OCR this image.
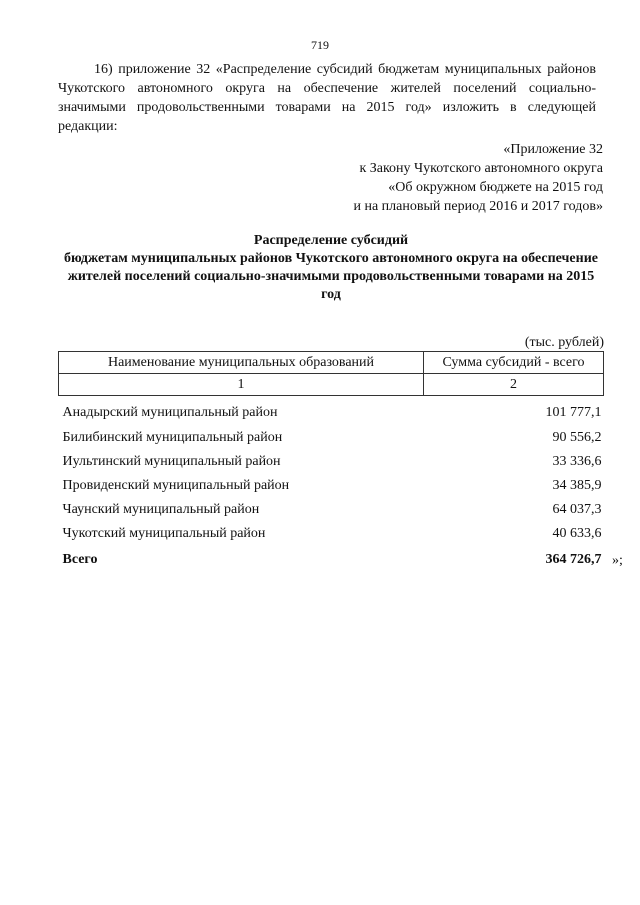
719

16) приложение 32 «Распределение субсидий бюджетам муниципальных районов Чукотского автономного округа на обеспечение жителей поселений социально-значимыми продовольственными товарами на 2015 год» изложить в следующей редакции:

«Приложение 32
к Закону Чукотского автономного округа
«Об окружном бюджете на 2015 год
и на плановый период 2016 и 2017 годов»
Распределение субсидий
бюджетам муниципальных районов Чукотского автономного округа на обеспечение жителей поселений социально-значимыми продовольственными товарами на 2015 год
(тыс. рублей)
Наименование муниципальных образований	Сумма субсидий - всего
1	2
Анадырский муниципальный район	101 777,1
Билибинский муниципальный район	90 556,2
Иультинский муниципальный район	33 336,6
Провиденский муниципальный район	34 385,9
Чаунский муниципальный район	64 037,3
Чукотский муниципальный район	40 633,6
Всего	364 726,7 »;
